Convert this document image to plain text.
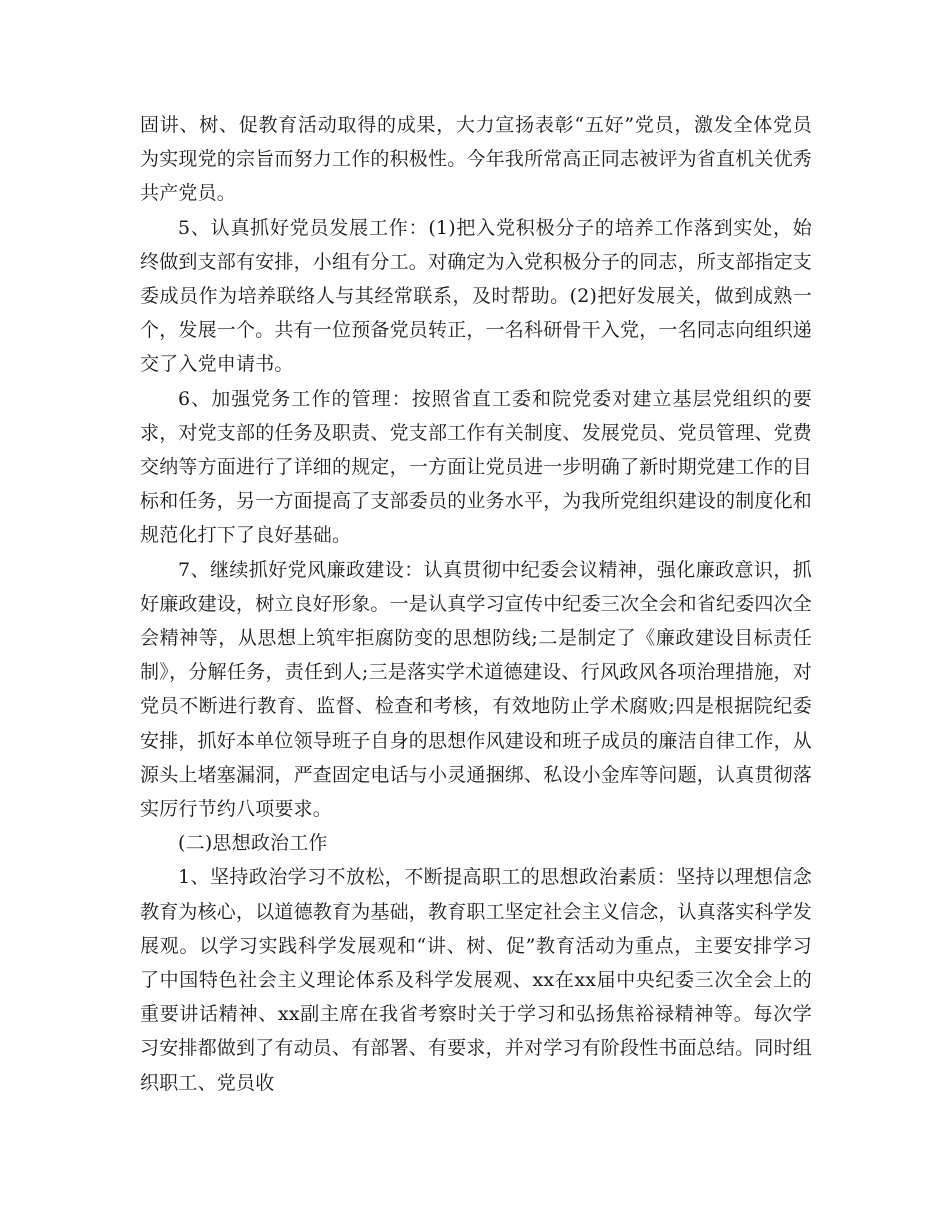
固讲、树、促教育活动取得的成果，大力宣扬表彰“五好”党员，激发全体党员为实现党的宗旨而努力工作的积极性。今年我所常高正同志被评为省直机关优秀共产党员。

5、认真抓好党员发展工作：(1)把入党积极分子的培养工作落到实处，始终做到支部有安排，小组有分工。对确定为入党积极分子的同志，所支部指定支委成员作为培养联络人与其经常联系，及时帮助。(2)把好发展关，做到成熟一个，发展一个。共有一位预备党员转正，一名科研骨干入党，一名同志向组织递交了入党申请书。

6、加强党务工作的管理：按照省直工委和院党委对建立基层党组织的要求，对党支部的任务及职责、党支部工作有关制度、发展党员、党员管理、党费交纳等方面进行了详细的规定，一方面让党员进一步明确了新时期党建工作的目标和任务，另一方面提高了支部委员的业务水平，为我所党组织建设的制度化和规范化打下了良好基础。

7、继续抓好党风廉政建设：认真贯彻中纪委会议精神，强化廉政意识，抓好廉政建设，树立良好形象。一是认真学习宣传中纪委三次全会和省纪委四次全会精神等，从思想上筑牢拒腐防变的思想防线;二是制定了《廉政建设目标责任制》，分解任务，责任到人;三是落实学术道德建设、行风政风各项治理措施，对党员不断进行教育、监督、检查和考核，有效地防止学术腐败;四是根据院纪委安排，抓好本单位领导班子自身的思想作风建设和班子成员的廉洁自律工作，从源头上堵塞漏洞，严查固定电话与小灵通捆绑、私设小金库等问题，认真贯彻落实厉行节约八项要求。

(二)思想政治工作

1、坚持政治学习不放松，不断提高职工的思想政治素质：坚持以理想信念教育为核心，以道德教育为基础，教育职工坚定社会主义信念，认真落实科学发展观。以学习实践科学发展观和“讲、树、促”教育活动为重点，主要安排学习了中国特色社会主义理论体系及科学发展观、xx在xx届中央纪委三次全会上的重要讲话精神、xx副主席在我省考察时关于学习和弘扬焦裕禄精神等。每次学习安排都做到了有动员、有部署、有要求，并对学习有阶段性书面总结。同时组织职工、党员收
